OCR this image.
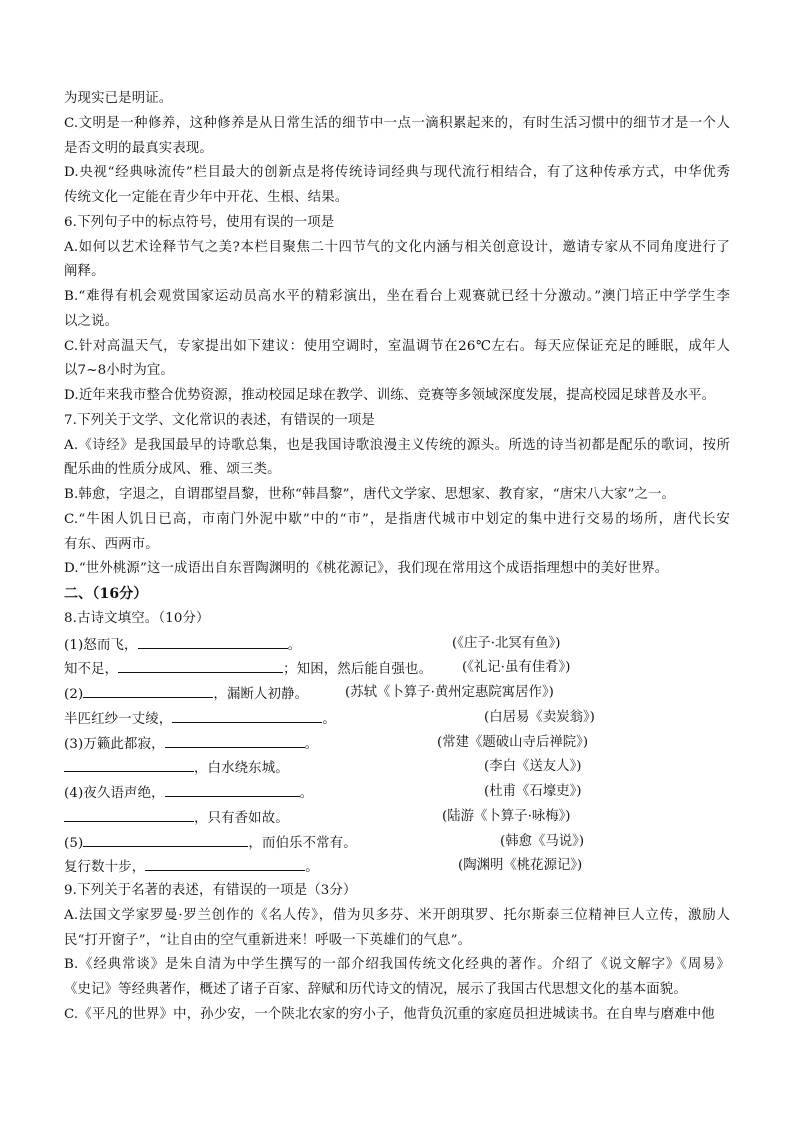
为现实已是明证。
C.文明是一种修养，这种修养是从日常生活的细节中一点一滴积累起来的，有时生活习惯中的细节才是一个人
是否文明的最真实表现。
D.央视“经典咏流传”栏目最大的创新点是将传统诗词经典与现代流行相结合，有了这种传承方式，中华优秀
传统文化一定能在青少年中开花、生根、结果。
6.下列句子中的标点符号，使用有误的一项是
A.如何以艺术诠释节气之美?本栏目聚焦二十四节气的文化内涵与相关创意设计，邀请专家从不同角度进行了
阐释。
B.“难得有机会观赏国家运动员高水平的精彩演出，坐在看台上观赛就已经十分激动。”澳门培正中学学生李
以之说。
C.针对高温天气，专家提出如下建议：使用空调时，室温调节在26℃左右。每天应保证充足的睡眠，成年人
以7~8小时为宜。
D.近年来我市整合优势资源，推动校园足球在教学、训练、竞赛等多领域深度发展，提高校园足球普及水平。
7.下列关于文学、文化常识的表述，有错误的一项是
A.《诗经》是我国最早的诗歌总集，也是我国诗歌浪漫主义传统的源头。所选的诗当初都是配乐的歌词，按所
配乐曲的性质分成风、雅、颂三类。
B.韩愈，字退之，自谓郡望昌黎，世称“韩昌黎”，唐代文学家、思想家、教育家，“唐宋八大家”之一。
C.“牛困人饥日已高，市南门外泥中歇”中的“市”，是指唐代城市中划定的集中进行交易的场所，唐代长安
有东、西两市。
D.“世外桃源”这一成语出自东晋陶渊明的《桃花源记》，我们现在常用这个成语指理想中的美好世界。
二、（16分）
8.古诗文填空。（10分）
(1)怒而飞，	。	(《庄子·北冥有鱼》)
知不足，	；知困，然后能自强也。 (《礼记·虽有佳肴》)
(2)	，漏断人初静。	(苏轼《卜算子·黄州定惠院寓居作》)
半匹红纱一丈绫，	。	(白居易《卖炭翁》)
(3)万籁此都寂，	。	(常建《题破山寺后禅院》)
，白水绕东城。	(李白《送友人》)
(4)夜久语声绝，	。	(杜甫《石壕吏》)
，只有香如故。	(陆游《卜算子·咏梅》)
(5)	，而伯乐不常有。	(韩愈《马说》)
复行数十步，	。	(陶渊明《桃花源记》)
9.下列关于名著的表述，有错误的一项是（3分）
A.法国文学家罗曼·罗兰创作的《名人传》，借为贝多芬、米开朗琪罗、托尔斯泰三位精神巨人立传，激励人
民“打开窗子”，“让自由的空气重新进来！呼吸一下英雄们的气息”。
B.《经典常谈》是朱自清为中学生撰写的一部介绍我国传统文化经典的著作。介绍了《说文解字》《周易》
《史记》等经典著作，概述了诸子百家、辞赋和历代诗文的情况，展示了我国古代思想文化的基本面貌。
C.《平凡的世界》中，孙少安，一个陕北农家的穷小子，他背负沉重的家庭员担进城读书。在自卑与磨难中他
